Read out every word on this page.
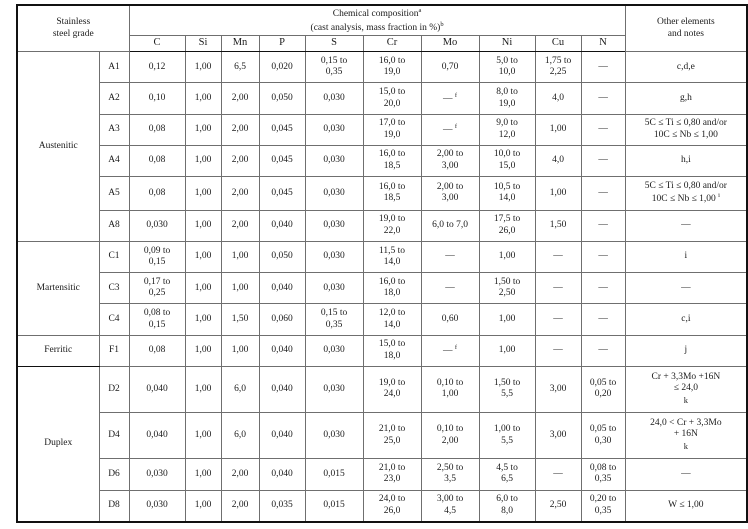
Stainless
steel grade		Chemical composition$^a$
(cast analysis, mass fraction in %)$^b$										Other elements
and notes

		C	Si	Mn	P	S	Cr	Mo	Ni	Cu	N	
Austenitic	A1	0,12	1,00	6,5	0,020	0,15 to
0,35	16,0 to
19,0	0,70	5,0 to
10,0	1,75 to
2,25	—	c,d,e

	A2	0,10	1,00	2,00	0,050	0,030	15,0 to
20,0	— $^f$	8,0 to
19,0	4,0	—	g,h

	A3	0,08	1,00	2,00	0,045	0,030	17,0 to
19,0	— $^f$	9,0 to
12,0	1,00	—	5C ≤ Ti ≤ 0,80 and/or
10C ≤ Nb ≤ 1,00

	A4	0,08	1,00	2,00	0,045	0,030	16,0 to
18,5	2,00 to
3,00	10,0 to
15,0	4,0	—	h,i

	A5	0,08	1,00	2,00	0,045	0,030	16,0 to
18,5	2,00 to
3,00	10,5 to
14,0	1,00	—	5C ≤ Ti ≤ 0,80 and/or
10C ≤ Nb ≤ 1,00 $^i$

	A8	0,030	1,00	2,00	0,040	0,030	19,0 to
22,0	6,0 to 7,0	17,5 to
26,0	1,50	—	—

Martensitic	C1	0,09 to
0,15	1,00	1,00	0,050	0,030	11,5 to
14,0	—	1,00	—	—	i

	C3	0,17 to
0,25	1,00	1,00	0,040	0,030	16,0 to
18,0	—	1,50 to
2,50	—	—	—

	C4	0,08 to
0,15	1,00	1,50	0,060	0,15 to
0,35	12,0 to
14,0	0,60	1,00	—	—	c,i

Ferritic	F1	0,08	1,00	1,00	0,040	0,030	15,0 to
18,0	— $^f$	1,00	—	—	j

Duplex	D2	0,040	1,00	6,0	0,040	0,030	19,0 to
24,0	0,10 to
1,00	1,50 to
5,5	3,00	0,05 to
0,20	Cr + 3,3Mo +16N
≤ 24,0
k

	D4	0,040	1,00	6,0	0,040	0,030	21,0 to
25,0	0,10 to
2,00	1,00 to
5,5	3,00	0,05 to
0,30	24,0 < Cr + 3,3Mo
+ 16N
k

	D6	0,030	1,00	2,00	0,040	0,015	21,0 to
23,0	2,50 to
3,5	4,5 to
6,5	—	0,08 to
0,35	—

	D8	0,030	1,00	2,00	0,035	0,015	24,0 to
26,0	3,00 to
4,5	6,0 to
8,0	2,50	0,20 to
0,35	W ≤ 1,00
